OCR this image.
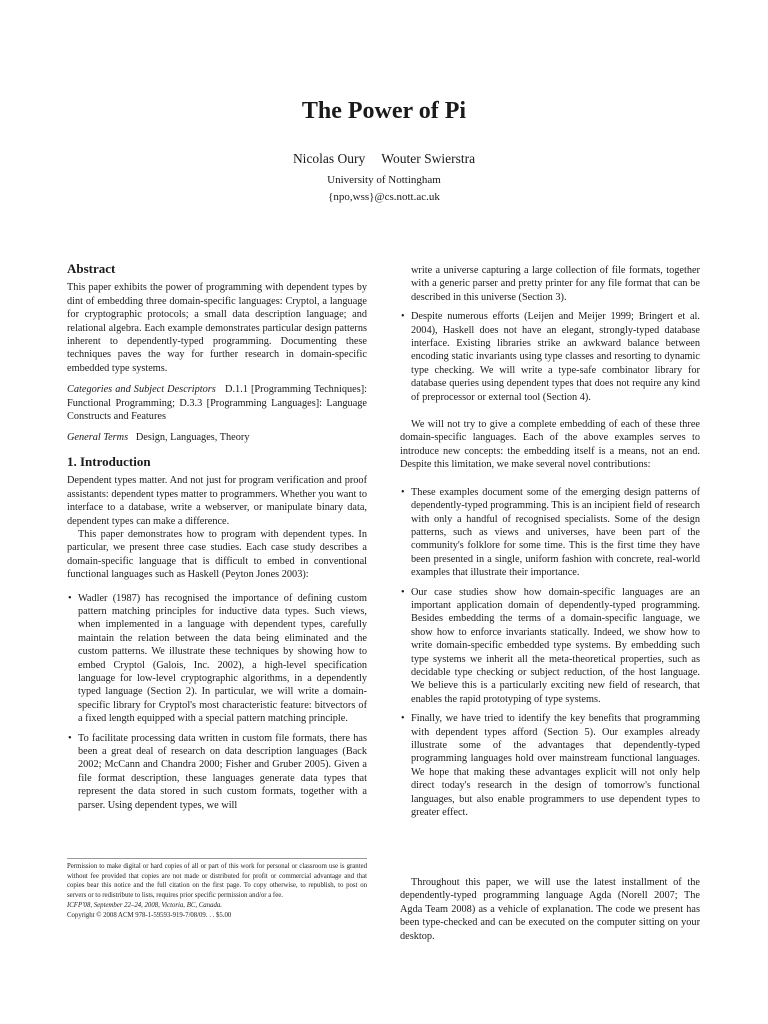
The Power of Pi
Nicolas Oury Wouter Swierstra
University of Nottingham
{npo,wss}@cs.nott.ac.uk
Abstract

This paper exhibits the power of programming with dependent types by dint of embedding three domain-specific languages: Cryptol, a language for cryptographic protocols; a small data description language; and relational algebra. Each example demonstrates particular design patterns inherent to dependently-typed programming. Documenting these techniques paves the way for further research in domain-specific embedded type systems.

Categories and Subject Descriptors D.1.1 [Programming Techniques]: Functional Programming; D.3.3 [Programming Languages]: Language Constructs and Features

General Terms Design, Languages, Theory

1. Introduction

Dependent types matter. And not just for program verification and proof assistants: dependent types matter to programmers. Whether you want to interface to a database, write a webserver, or manipulate binary data, dependent types can make a difference.

This paper demonstrates how to program with dependent types. In particular, we present three case studies. Each case study describes a domain-specific language that is difficult to embed in conventional functional languages such as Haskell (Peyton Jones 2003):

• Wadler (1987) has recognised the importance of defining custom pattern matching principles for inductive data types. Such views, when implemented in a language with dependent types, carefully maintain the relation between the data being eliminated and the custom patterns. We illustrate these techniques by showing how to embed Cryptol (Galois, Inc. 2002), a high-level specification language for low-level cryptographic algorithms, in a dependently typed language (Section 2). In particular, we will write a domain-specific library for Cryptol's most characteristic feature: bitvectors of a fixed length equipped with a special pattern matching principle.
• To facilitate processing data written in custom file formats, there has been a great deal of research on data description languages (Back 2002; McCann and Chandra 2000; Fisher and Gruber 2005). Given a file format description, these languages generate data types that represent the data stored in such custom formats, together with a parser. Using dependent types, we will

write a universe capturing a large collection of file formats, together with a generic parser and pretty printer for any file format that can be described in this universe (Section 3).

• Despite numerous efforts (Leijen and Meijer 1999; Bringert et al. 2004), Haskell does not have an elegant, strongly-typed database interface. Existing libraries strike an awkward balance between encoding static invariants using type classes and resorting to dynamic type checking. We will write a type-safe combinator library for database queries using dependent types that does not require any kind of preprocessor or external tool (Section 4).

We will not try to give a complete embedding of each of these three domain-specific languages. Each of the above examples serves to introduce new concepts: the embedding itself is a means, not an end. Despite this limitation, we make several novel contributions:

• These examples document some of the emerging design patterns of dependently-typed programming. This is an incipient field of research with only a handful of recognised specialists. Some of the design patterns, such as views and universes, have been part of the community's folklore for some time. This is the first time they have been presented in a single, uniform fashion with concrete, real-world examples that illustrate their importance.
• Our case studies show how domain-specific languages are an important application domain of dependently-typed programming. Besides embedding the terms of a domain-specific language, we show how to enforce invariants statically. Indeed, we show how to write domain-specific embedded type systems. By embedding such type systems we inherit all the meta-theoretical properties, such as decidable type checking or subject reduction, of the host language. We believe this is a particularly exciting new field of research, that enables the rapid prototyping of type systems.
• Finally, we have tried to identify the key benefits that programming with dependent types afford (Section 5). Our examples already illustrate some of the advantages that dependently-typed programming languages hold over mainstream functional languages. We hope that making these advantages explicit will not only help direct today's research in the design of tomorrow's functional languages, but also enable programmers to use dependent types to greater effect.

Throughout this paper, we will use the latest installment of the dependently-typed programming language Agda (Norell 2007; The Agda Team 2008) as a vehicle of explanation. The code we present has been type-checked and can be executed on the computer sitting on your desktop.

Permission to make digital or hard copies of all or part of this work for personal or classroom use is granted without fee provided that copies are not made or distributed for profit or commercial advantage and that copies bear this notice and the full citation on the first page. To copy otherwise, to republish, to post on servers or to redistribute to lists, requires prior specific permission and/or a fee.
ICFP'08, September 22–24, 2008, Victoria, BC, Canada.
Copyright © 2008 ACM 978-1-59593-919-7/08/09. . . $5.00
